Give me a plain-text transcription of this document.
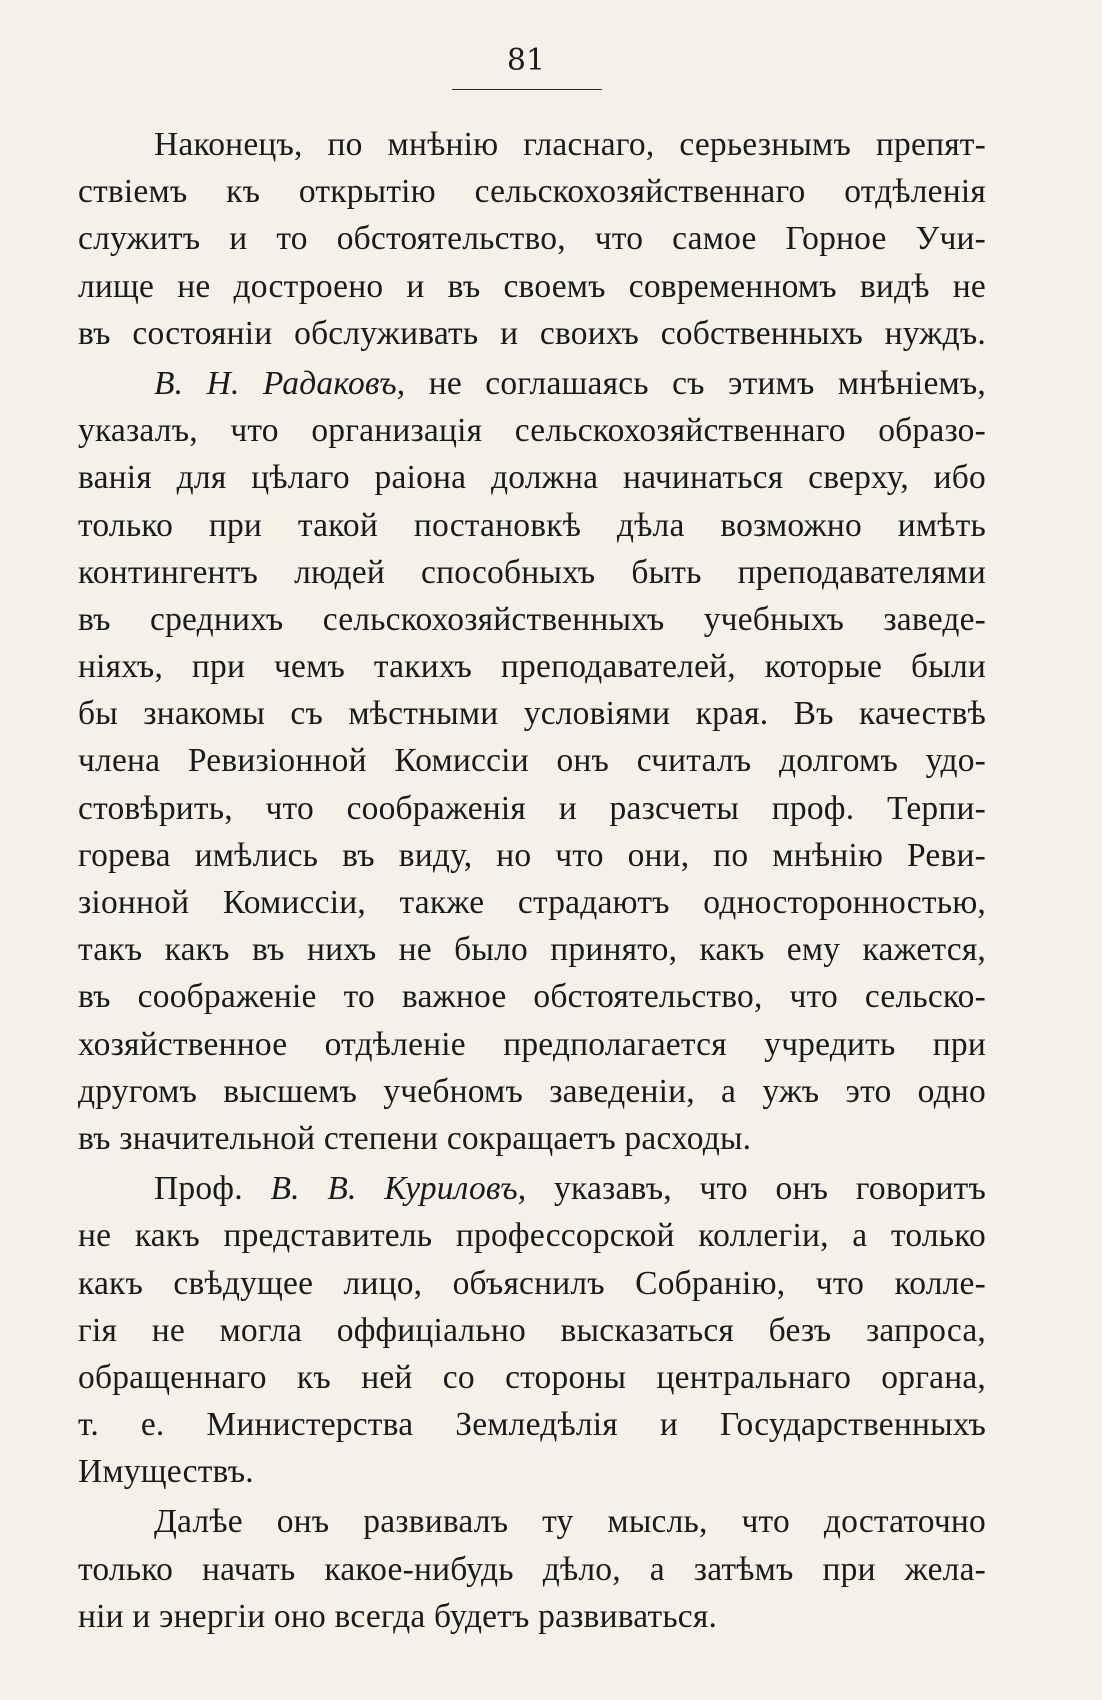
81
Наконецъ, по мнѣнію гласнаго, серьезнымъ препят-
ствіемъ къ открытію сельскохозяйственнаго отдѣленія
служитъ и то обстоятельство, что самое Горное Учи-
лище не достроено и въ своемъ современномъ видѣ не
въ состояніи обслуживать и своихъ собственныхъ нуждъ.
В. Н. Радаковъ, не соглашаясь съ этимъ мнѣніемъ,
указалъ, что организація сельскохозяйственнаго образо-
ванія для цѣлаго раіона должна начинаться сверху, ибо
только при такой постановкѣ дѣла возможно имѣть
контингентъ людей способныхъ быть преподавателями
въ среднихъ сельскохозяйственныхъ учебныхъ заведе-
ніяхъ, при чемъ такихъ преподавателей, которые были
бы знакомы съ мѣстными условіями края. Въ качествѣ
члена Ревизіонной Комиссіи онъ считалъ долгомъ удо-
стовѣрить, что соображенія и разсчеты проф. Терпи-
горева имѣлись въ виду, но что они, по мнѣнію Реви-
зіонной Комиссіи, также страдаютъ односторонностью,
такъ какъ въ нихъ не было принято, какъ ему кажется,
въ соображеніе то важное обстоятельство, что сельско-
хозяйственное отдѣленіе предполагается учредить при
другомъ высшемъ учебномъ заведеніи, а ужъ это одно
въ значительной степени сокращаетъ расходы.
Проф. В. В. Куриловъ, указавъ, что онъ говоритъ
не какъ представитель профессорской коллегіи, а только
какъ свѣдущее лицо, объяснилъ Собранію, что колле-
гія не могла оффиціально высказаться безъ запроса,
обращеннаго къ ней со стороны центральнаго органа,
т. е. Министерства Земледѣлія и Государственныхъ
Имуществъ.
Далѣе онъ развивалъ ту мысль, что достаточно
только начать какое-нибудь дѣло, а затѣмъ при жела-
ніи и энергіи оно всегда будетъ развиваться.
